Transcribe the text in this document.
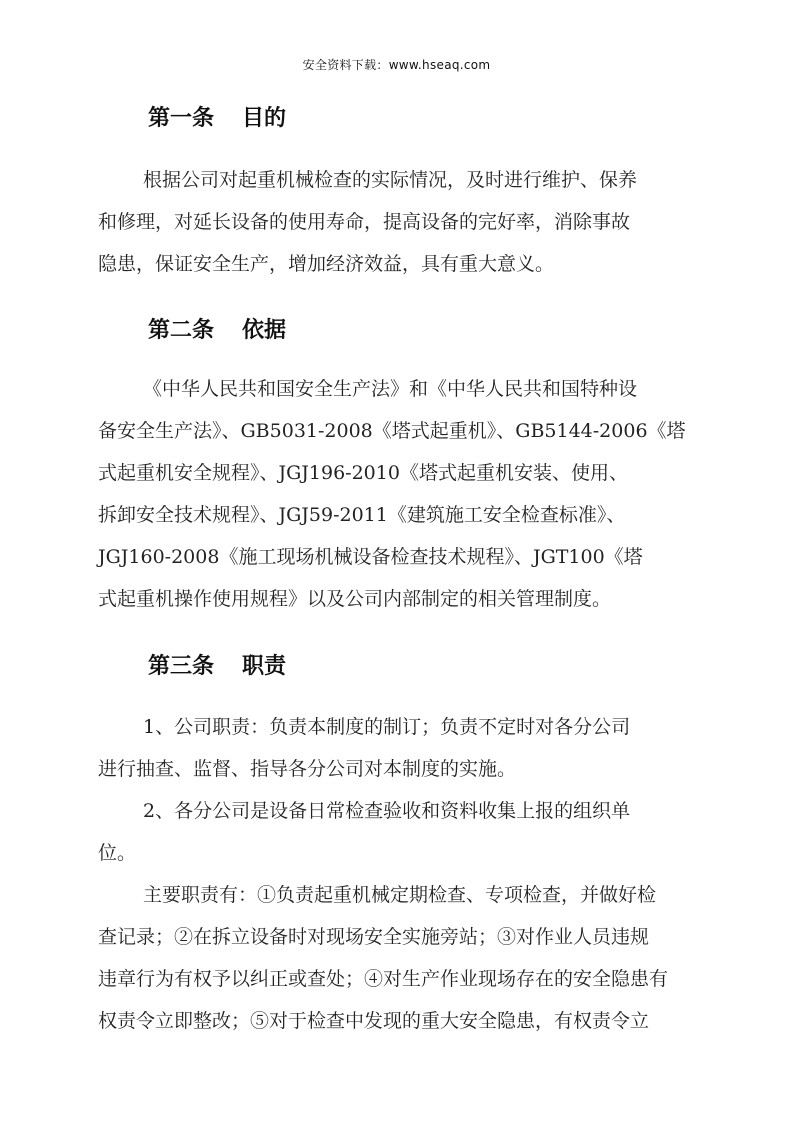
安全资料下载：www.hseaq.com
第一条 目的
根据公司对起重机械检查的实际情况，及时进行维护、保养
和修理，对延长设备的使用寿命，提高设备的完好率，消除事故
隐患，保证安全生产，增加经济效益，具有重大意义。
第二条 依据
《中华人民共和国安全生产法》和《中华人民共和国特种设
备安全生产法》、GB5031-2008《塔式起重机》、GB5144-2006《塔
式起重机安全规程》、JGJ196-2010《塔式起重机安装、使用、
拆卸安全技术规程》、JGJ59-2011《建筑施工安全检查标准》、
JGJ160-2008《施工现场机械设备检查技术规程》、JGT100《塔
式起重机操作使用规程》以及公司内部制定的相关管理制度。
第三条 职责
1、公司职责：负责本制度的制订；负责不定时对各分公司
进行抽查、监督、指导各分公司对本制度的实施。
2、各分公司是设备日常检查验收和资料收集上报的组织单
位。
主要职责有：①负责起重机械定期检查、专项检查，并做好检
查记录；②在拆立设备时对现场安全实施旁站；③对作业人员违规
违章行为有权予以纠正或查处；④对生产作业现场存在的安全隐患有
权责令立即整改；⑤对于检查中发现的重大安全隐患，有权责令立
